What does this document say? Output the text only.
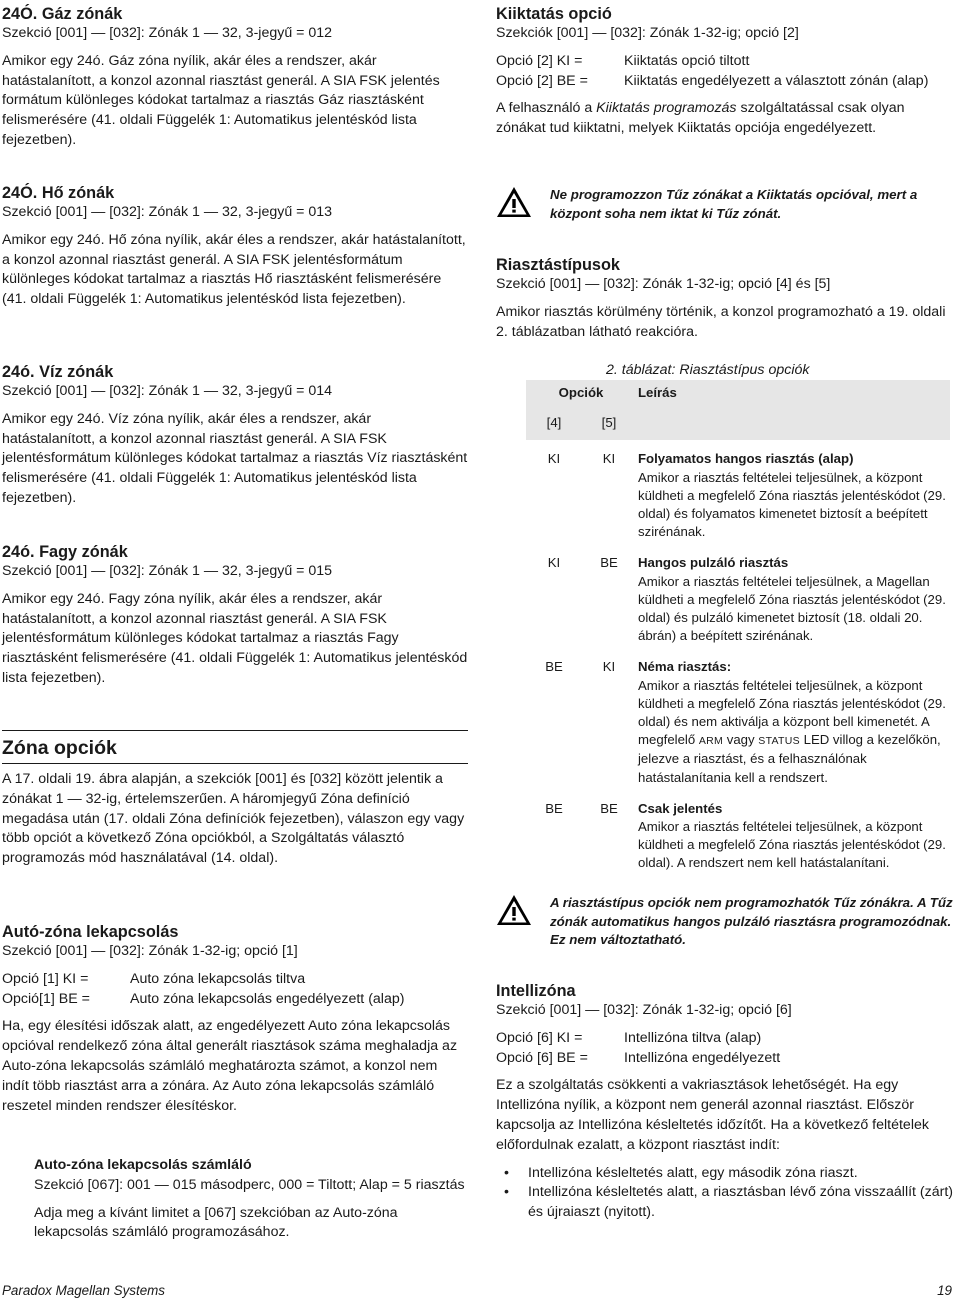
24Ó. Gáz zónák
Szekció [001] — [032]: Zónák 1 — 32, 3-jegyű = 012
Amikor egy 24ó. Gáz zóna nyílik, akár éles a rendszer, akár hatástalanított, a konzol azonnal riasztást generál. A SIA FSK jelentés formátum különleges kódokat tartalmaz a riasztás Gáz riasztásként felismerésére (41. oldali Függelék 1: Automatikus jelentéskód lista fejezetben).
24Ó. Hő zónák
Szekció [001] — [032]: Zónák 1 — 32, 3-jegyű = 013
Amikor egy 24ó. Hő zóna nyílik, akár éles a rendszer, akár hatástalanított, a konzol azonnal riasztást generál. A SIA FSK jelentésformátum különleges kódokat tartalmaz a riasztás Hő riasztásként felismerésére (41. oldali Függelék 1: Automatikus jelentéskód lista fejezetben).
24ó. Víz zónák
Szekció [001] — [032]: Zónák 1 — 32, 3-jegyű = 014
Amikor egy 24ó. Víz zóna nyílik, akár éles a rendszer, akár hatástalanított, a konzol azonnal riasztást generál. A SIA FSK jelentésformátum különleges kódokat tartalmaz a riasztás Víz riasztásként felismerésére (41. oldali Függelék 1: Automatikus jelentéskód lista fejezetben).
24ó. Fagy zónák
Szekció [001] — [032]: Zónák 1 — 32, 3-jegyű = 015
Amikor egy 24ó. Fagy zóna nyílik, akár éles a rendszer, akár hatástalanított, a konzol azonnal riasztást generál. A SIA FSK jelentésformátum különleges kódokat tartalmaz a riasztás Fagy riasztásként felismerésére (41. oldali Függelék 1: Automatikus jelentéskód lista fejezetben).
Zóna opciók
A 17. oldali 19. ábra alapján, a szekciók [001] és [032] között jelentik a zónákat 1 — 32-ig, értelemszerűen. A háromjegyű Zóna definíció megadása után (17. oldali Zóna definíciók fejezetben), válaszon egy vagy több opciót a következő Zóna opciókból, a Szolgáltatás választó programozás mód használatával (14. oldal).
Autó-zóna lekapcsolás
Szekció [001] — [032]: Zónák 1-32-ig; opció [1]
Opció [1] KI =	Auto zóna lekapcsolás tiltva
Opció[1] BE =	Auto zóna lekapcsolás engedélyezett (alap)
Ha, egy élesítési időszak alatt, az engedélyezett Auto zóna lekapcsolás opcióval rendelkező zóna által generált riasztások száma meghaladja az Auto-zóna lekapcsolás számláló meghatározta számot, a konzol nem indít több riasztást arra a zónára. Az Auto zóna lekapcsolás számláló reszetel minden rendszer élesítéskor.
Auto-zóna lekapcsolás számláló
Szekció [067]: 001 — 015 másodperc, 000 = Tiltott; Alap = 5 riasztás
Adja meg a kívánt limitet a [067] szekcióban az Auto-zóna lekapcsolás számláló programozásához.
Kiiktatás opció
Szekciók [001] — [032]: Zónák 1-32-ig; opció [2]
Opció [2] KI =	Kiiktatás opció tiltott
Opció [2] BE =	Kiiktatás engedélyezett a választott zónán (alap)
A felhasználó a Kiiktatás programozás szolgáltatással csak olyan zónákat tud kiiktatni, melyek Kiiktatás opciója engedélyezett.
Ne programozzon Tűz zónákat a Kiiktatás opcióval, mert a központ soha nem iktat ki Tűz zónát.
Riasztástípusok
Szekció [001] — [032]: Zónák 1-32-ig; opció [4] és [5]
Amikor riasztás körülmény történik, a konzol programozható a 19. oldali 2. táblázatban látható reakcióra.
2. táblázat: Riasztástípus opciók
Opciók		Leírás
[4]	[5]	
KI	KI	Folyamatos hangos riasztás (alap)
Amikor a riasztás feltételei teljesülnek, a központ küldheti a megfelelő Zóna riasztás jelentéskódot (29. oldal) és folyamatos kimenetet biztosít a beépített szirénának.

KI	BE	Hangos pulzáló riasztás
Amikor a riasztás feltételei teljesülnek, a Magellan küldheti a megfelelő Zóna riasztás jelentéskódot (29. oldal) és pulzáló kimenetet biztosít (18. oldali 20. ábrán) a beépített szirénának.

BE	KI	Néma riasztás:
Amikor a riasztás feltételei teljesülnek, a központ küldheti a megfelelő Zóna riasztás jelentéskódot (29. oldal) és nem aktiválja a központ bell kimenetét. A megfelelő ARM vagy STATUS LED villog a kezelőkön, jelezve a riasztást, és a felhasználónak hatástalanítania kell a rendszert.

BE	BE	Csak jelentés
Amikor a riasztás feltételei teljesülnek, a központ küldheti a megfelelő Zóna riasztás jelentéskódot (29. oldal). A rendszert nem kell hatástalanítani.
A riasztástípus opciók nem programozhatók Tűz zónákra. A Tűz zónák automatikus hangos pulzáló riasztásra programozódnak. Ez nem változtatható.
Intellizóna
Szekció [001] — [032]: Zónák 1-32-ig; opció [6]
Opció [6] KI =	Intellizóna tiltva (alap)
Opció [6] BE =	Intellizóna engedélyezett
Ez a szolgáltatás csökkenti a vakriasztások lehetőségét. Ha egy Intellizóna nyílik, a központ nem generál azonnal riasztást. Először kapcsolja az Intellizóna késleltetés időzítőt. Ha a következő feltételek előfordulnak ezalatt, a központ riasztást indít:
• Intellizóna késleltetés alatt, egy második zóna riaszt.
• Intellizóna késleltetés alatt, a riasztásban lévő zóna visszaállít (zárt) és újraiaszt (nyitott).
Paradox Magellan Systems	19
